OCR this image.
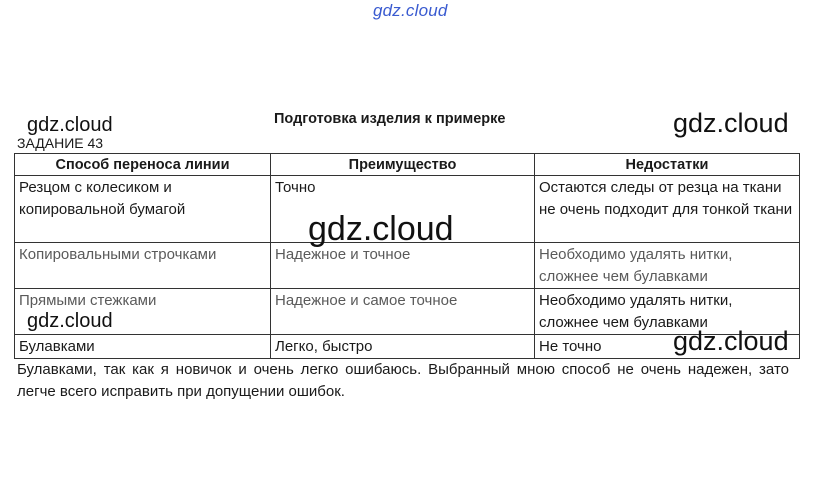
gdz.cloud
Подготовка изделия к примерке
ЗАДАНИЕ 43
Способ переноса линии	Преимущество	Недостатки
Резцом с колесиком и копировальной бумагой	Точно	Остаются следы от резца на ткани не очень подходит для тонкой ткани
Копировальными строчками	Надежное и точное	Необходимо удалять нитки, сложнее чем булавками
Прямыми стежками	Надежное и самое точное	Необходимо удалять нитки, сложнее чем булавками
Булавками	Легко, быстро	Не точно
Булавками, так как я новичок и очень легко ошибаюсь. Выбранный мною способ не очень надежен, зато легче всего исправить при допущении ошибок.
gdz.cloud	gdz.cloud
gdz.cloud
gdz.cloud
gdz.cloud
